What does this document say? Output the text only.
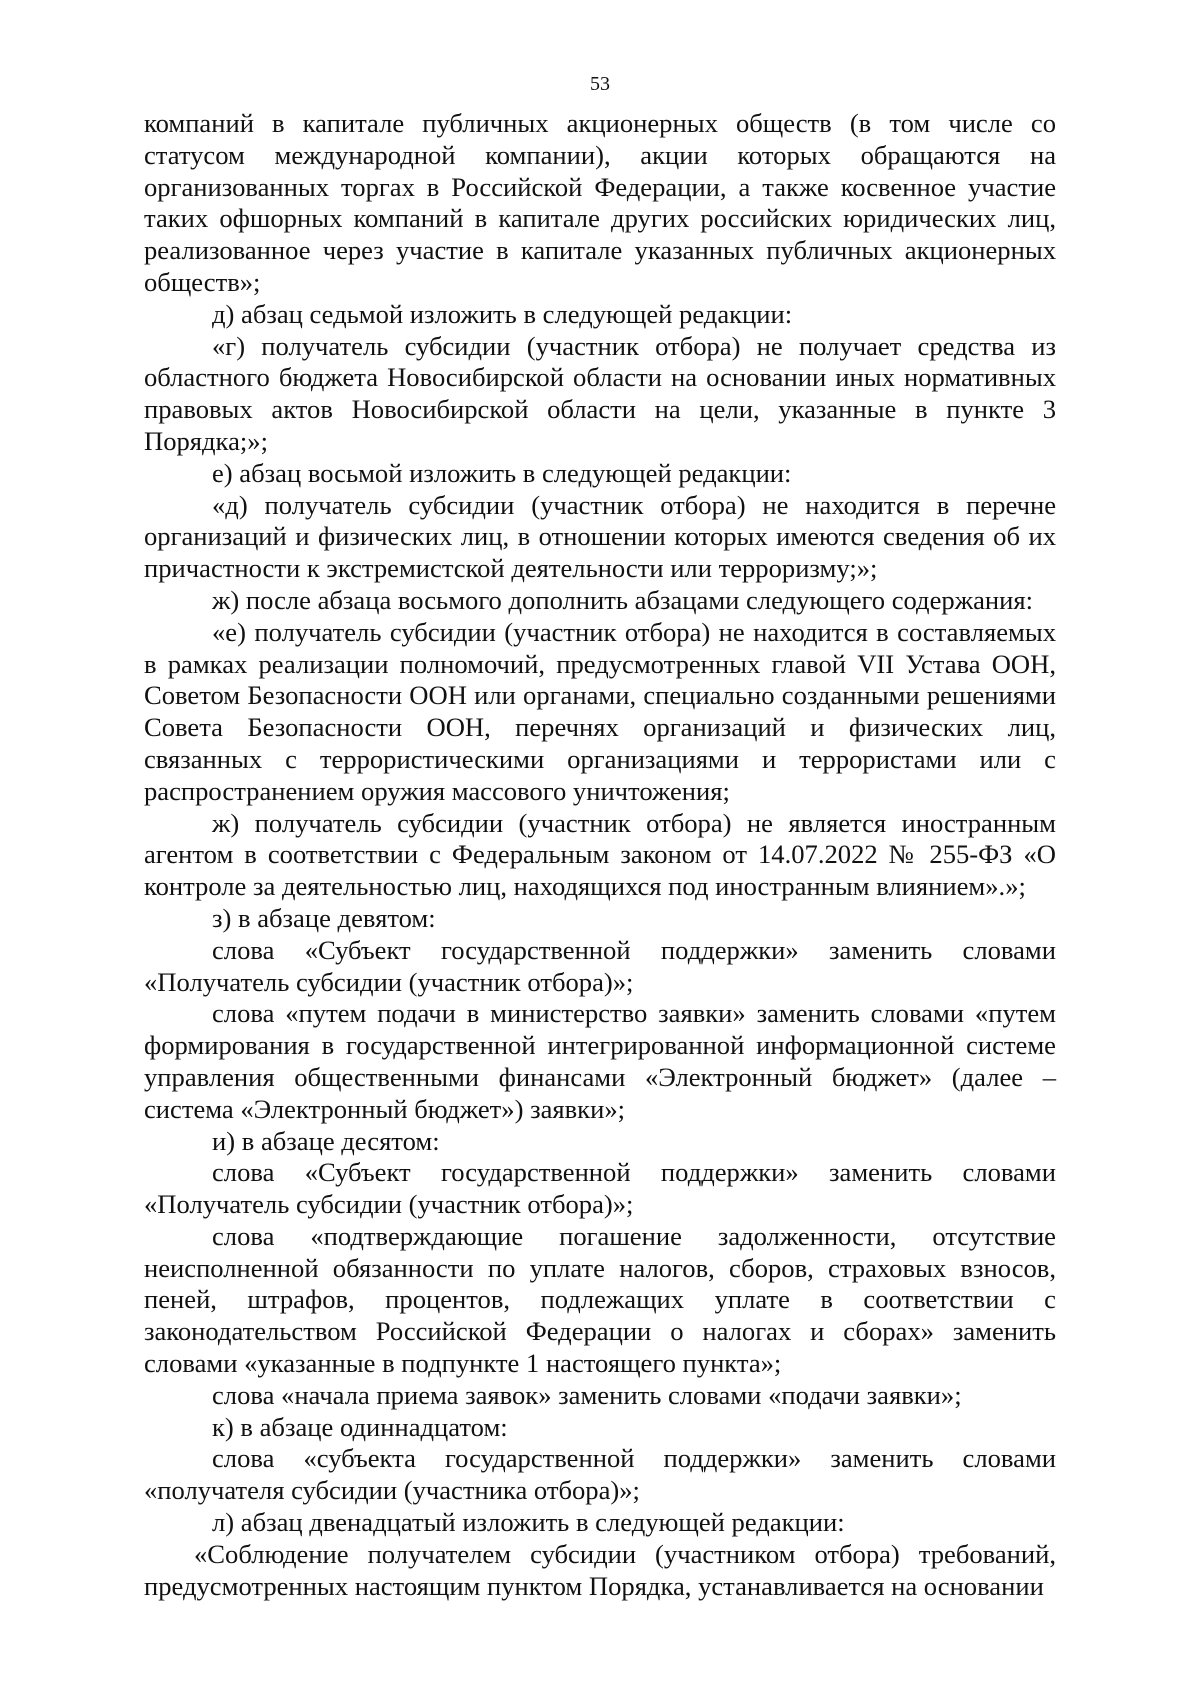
53

компаний в капитале публичных акционерных обществ (в том числе со статусом международной компании), акции которых обращаются на организованных торгах в Российской Федерации, а также косвенное участие таких офшорных компаний в капитале других российских юридических лиц, реализованное через участие в капитале указанных публичных акционерных обществ»;

д) абзац седьмой изложить в следующей редакции:

«г) получатель субсидии (участник отбора) не получает средства из областного бюджета Новосибирской области на основании иных нормативных правовых актов Новосибирской области на цели, указанные в пункте 3 Порядка;»;

е) абзац восьмой изложить в следующей редакции:

«д) получатель субсидии (участник отбора) не находится в перечне организаций и физических лиц, в отношении которых имеются сведения об их причастности к экстремистской деятельности или терроризму;»;

ж) после абзаца восьмого дополнить абзацами следующего содержания:

«е) получатель субсидии (участник отбора) не находится в составляемых в рамках реализации полномочий, предусмотренных главой VII Устава ООН, Советом Безопасности ООН или органами, специально созданными решениями Совета Безопасности ООН, перечнях организаций и физических лиц, связанных с террористическими организациями и террористами или с распространением оружия массового уничтожения;

ж) получатель субсидии (участник отбора) не является иностранным агентом в соответствии с Федеральным законом от 14.07.2022 № 255-ФЗ «О контроле за деятельностью лиц, находящихся под иностранным влиянием».»;

з) в абзаце девятом:

слова «Субъект государственной поддержки» заменить словами «Получатель субсидии (участник отбора)»;

слова «путем подачи в министерство заявки» заменить словами «путем формирования в государственной интегрированной информационной системе управления общественными финансами «Электронный бюджет» (далее – система «Электронный бюджет») заявки»;

и) в абзаце десятом:

слова «Субъект государственной поддержки» заменить словами «Получатель субсидии (участник отбора)»;

слова «подтверждающие погашение задолженности, отсутствие неисполненной обязанности по уплате налогов, сборов, страховых взносов, пеней, штрафов, процентов, подлежащих уплате в соответствии с законодательством Российской Федерации о налогах и сборах» заменить словами «указанные в подпункте 1 настоящего пункта»;

слова «начала приема заявок» заменить словами «подачи заявки»;

к) в абзаце одиннадцатом:

слова «субъекта государственной поддержки» заменить словами «получателя субсидии (участника отбора)»;

л) абзац двенадцатый изложить в следующей редакции:

«Соблюдение получателем субсидии (участником отбора) требований, предусмотренных настоящим пунктом Порядка, устанавливается на основании
